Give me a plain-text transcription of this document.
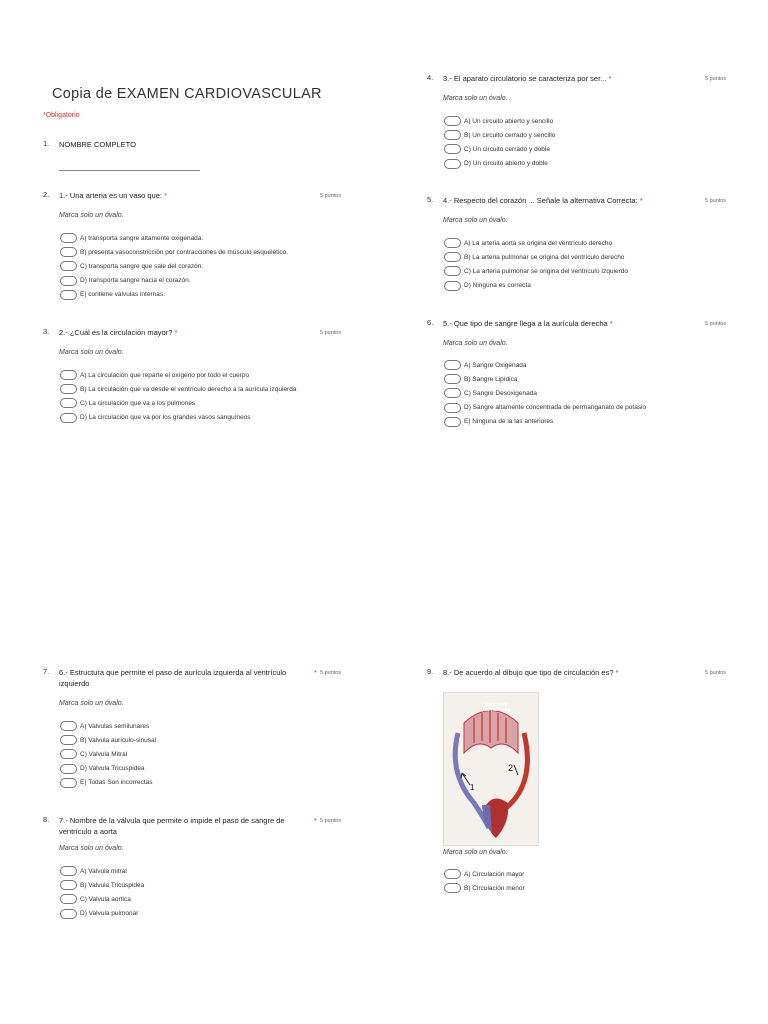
Copia de EXAMEN CARDIOVASCULAR
*Obligatorio
1.	NOMBRE COMPLETO
2.	1.- Una arteria es un vaso que: *	5 puntos
Marca solo un óvalo.
A) transporta sangre altamente oxigenada.
B) presenta vasoconstricción por contracciones de músculo esquelético.
C) transporta sangre que sale del corazón.
D) transporta sangre hacia el corazón.
E) contiene válvulas internas.
3.	2.- ¿Cuál es la circulación mayor? *	5 puntos
Marca solo un óvalo.
A) La circulación que reparte el oxígeno por todo el cuerpo
B) La circulación que va desde el ventrículo derecho a la aurícula izquierda
C) La circulación que va a los pulmones
D) La circulación que va por los grandes vasos sanguíneos
4.	3.- El aparato circulatorio se caracteriza por ser... *	5 puntos
Marca solo un óvalo.
A) Un circuito abierto y sencillo
B) Un circuito cerrado y sencillo
C) Un circuito cerrado y doble
D) Un circuito abierto y doble
5.	4.- Respecto del corazón ... Señale la alternativa Correcta: *	5 puntos
Marca solo un óvalo.
A) La arteria aorta se origina del ventrículo derecho
B) La arteria pulmonar se origina del ventrículo derecho
C) La arteria pulmonar se origina del ventrículo Izquierdo
D) Ninguna es correcta
6.	5.- Que tipo de sangre llega a la aurícula derecha *	5 puntos
Marca solo un óvalo.
A) Sangre Oxigenada
B) Sangre Lipídica
C) Sangre Desoxigenada
D) Sangre altamente concentrada de permanganato de potasio
E) Ninguna de la las anteriores
7.	6.- Estructura que permite el paso de aurícula izquierda al ventrículo izquierdo
* 5 puntos
Marca solo un óvalo.
A) Valvulas semilunares
B) Valvula auriculo-sinusal
C) Valvula Mitral
D) Valvula Tricuspidea
E) Todas Son incorrectas
8.	7.- Nombre de la válvula que permite o impide el paso de sangre de ventrículo a aorta
* 5 puntos
Marca solo un óvalo.
A) Valvula mitral
B) Valvula Tricuspidea
C) Valvula aortica
D) Valvula pulmonar
9.	8.- De acuerdo al dibujo que tipo de circulación es? *	5 puntos
Capilares pulmonares
1
2
Marca solo un óvalo.
A) Circulación mayor
B) Circulación menor
